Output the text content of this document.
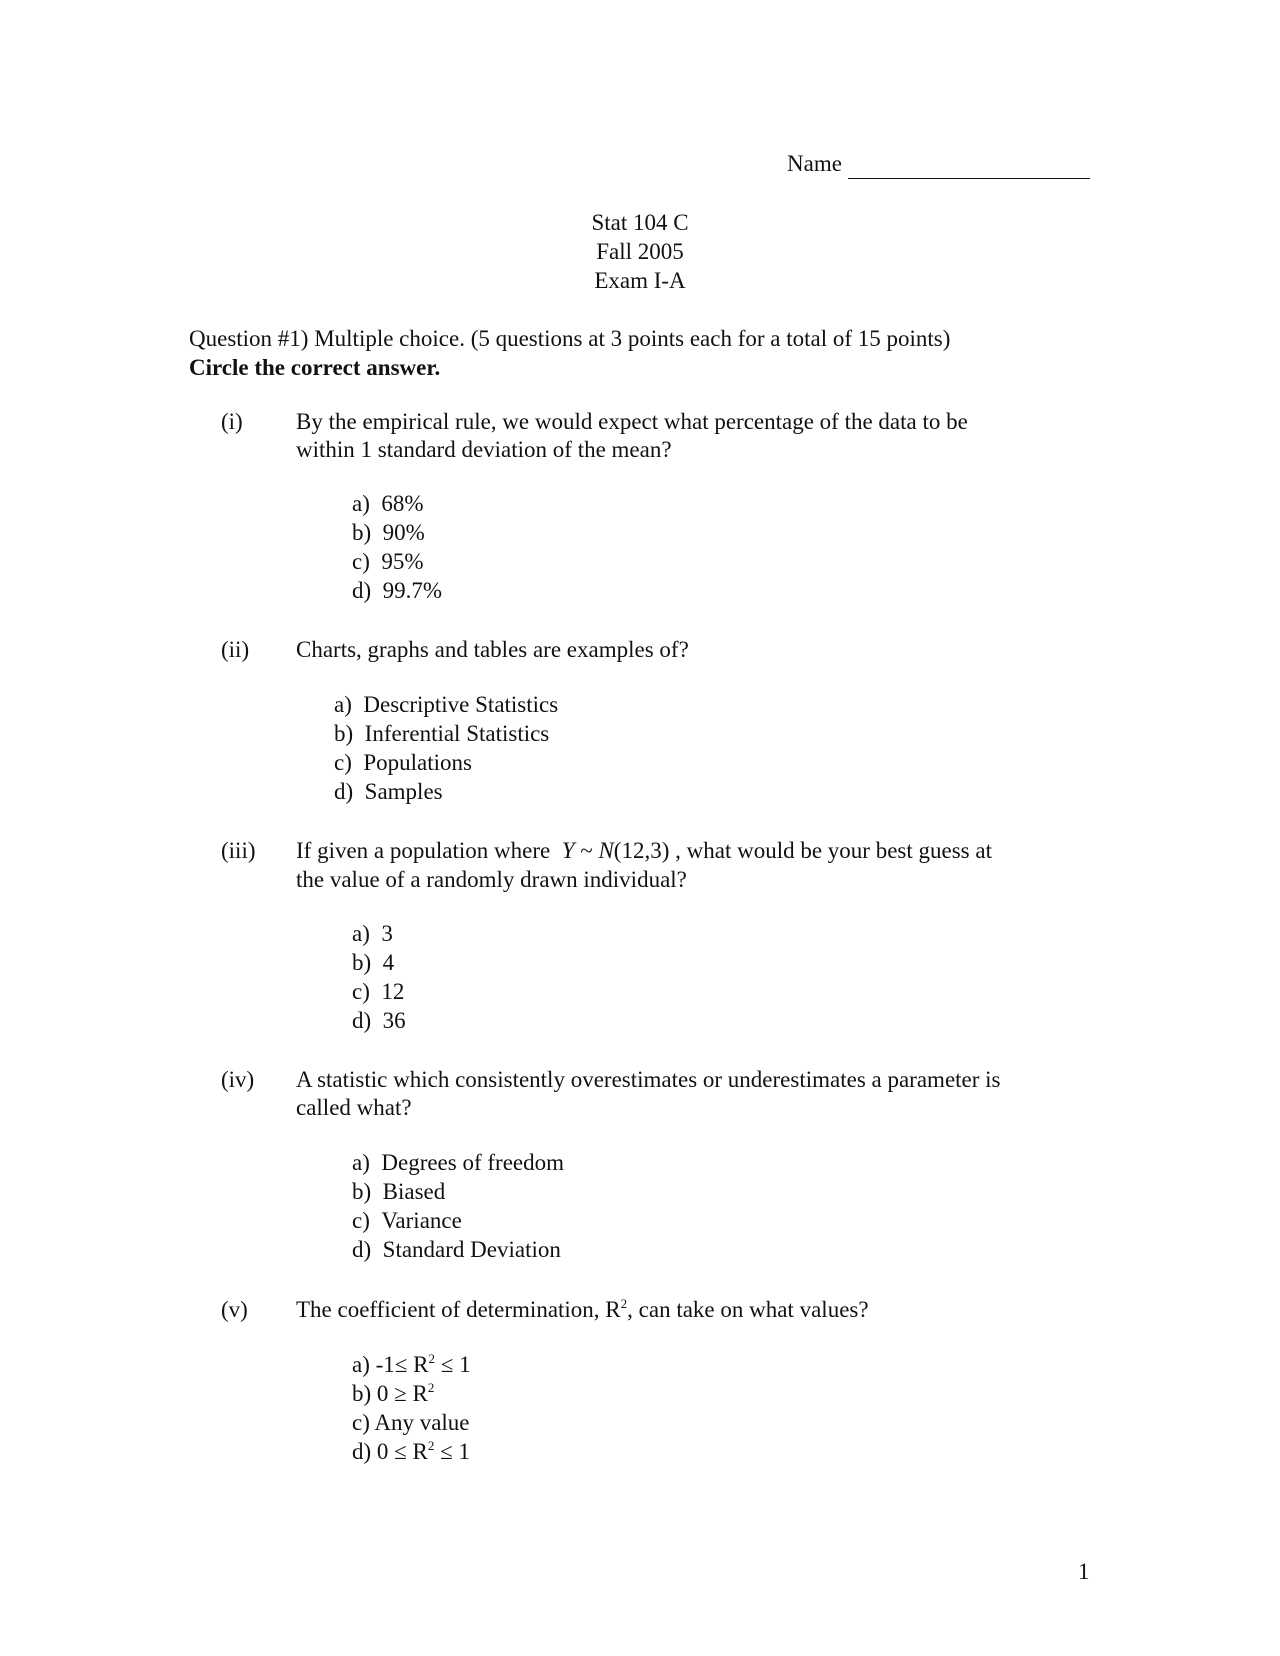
Name
Stat 104 C
Fall 2005
Exam I-A
Question #1) Multiple choice. (5 questions at 3 points each for a total of 15 points)
Circle the correct answer.
(i) By the empirical rule, we would expect what percentage of the data to be
within 1 standard deviation of the mean?
a) 68%
b) 90%
c) 95%
d) 99.7%
(ii) Charts, graphs and tables are examples of?
a) Descriptive Statistics
b) Inferential Statistics
c) Populations
d) Samples
(iii) If given a population where Y ~ N(12,3) , what would be your best guess at
the value of a randomly drawn individual?
a) 3
b) 4
c) 12
d) 36
(iv) A statistic which consistently overestimates or underestimates a parameter is
called what?
a) Degrees of freedom
b) Biased
c) Variance
d) Standard Deviation
(v) The coefficient of determination, $R^2$, can take on what values?
a) $-1\le R^2 \le 1$
b) $0 \ge R^2$
c) Any value
d) $0 \le R^2 \le 1$
1
